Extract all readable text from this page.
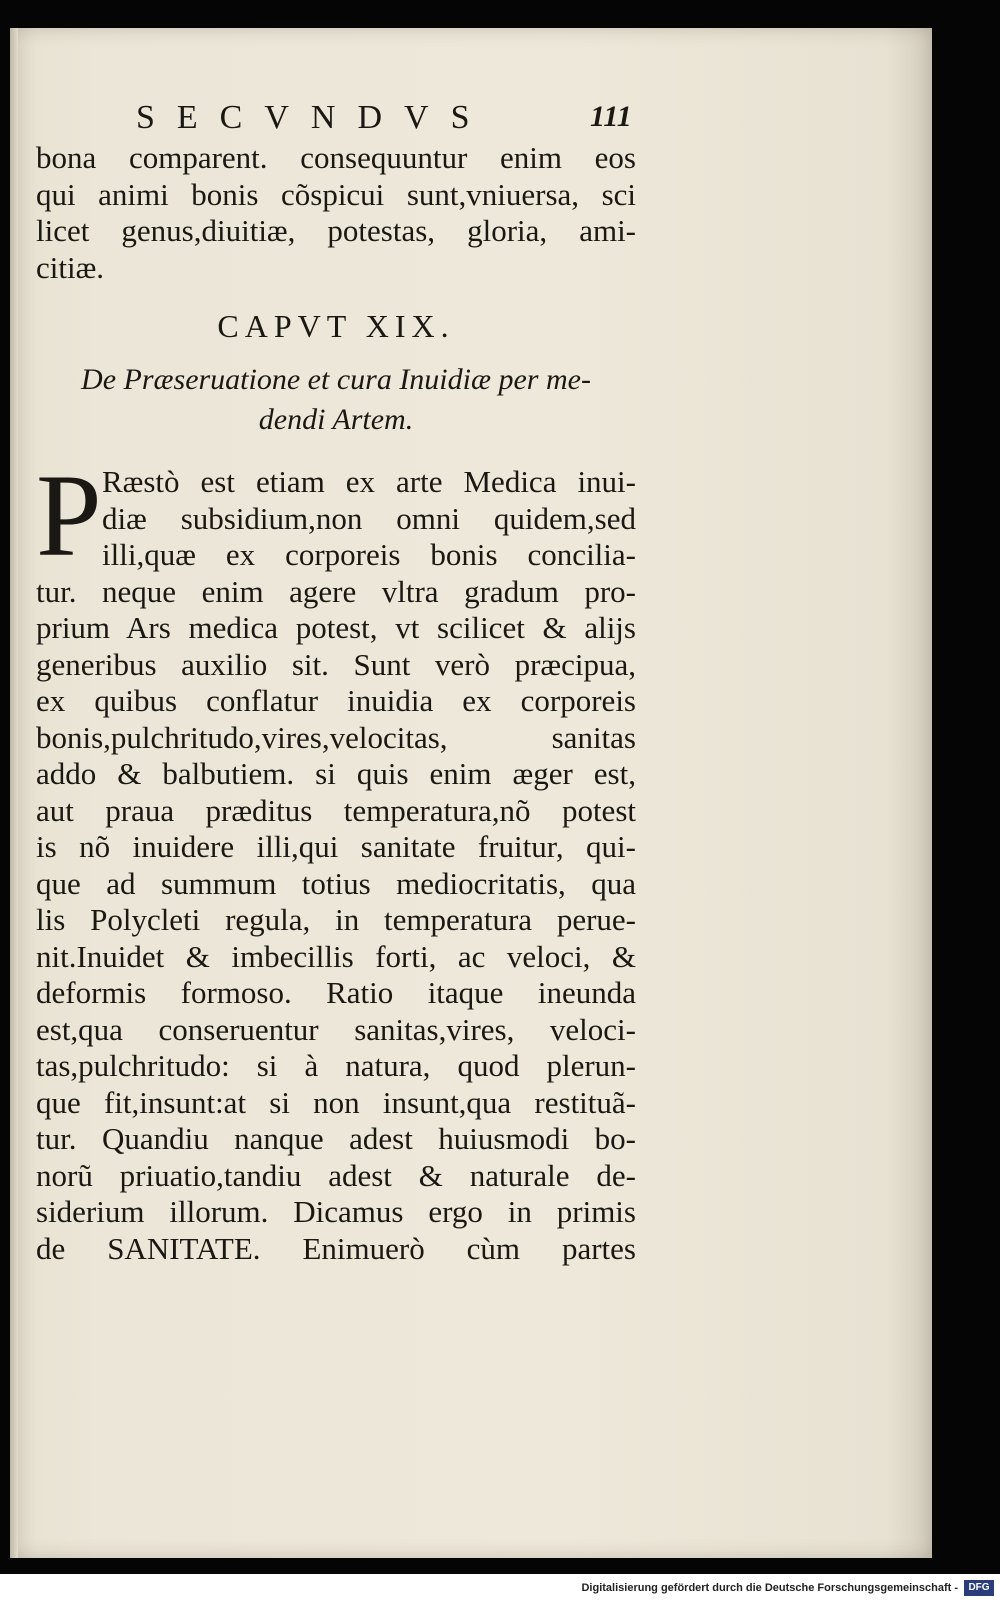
111
SECVNDVS
bona comparent. consequuntur enim eos
qui animi bonis cõspicui sunt,vniuersa, sci
licet genus,diuitiæ, potestas, gloria, ami-
citiæ.
CAPVT XIX.
De Præseruatione et cura Inuidiæ per me-
dendi Artem.
P Ræstò est etiam ex arte Medica inui-
diæ subsidium,non omni quidem,sed
illi,quæ ex corporeis bonis concilia-
tur. neque enim agere vltra gradum pro-
prium Ars medica potest, vt scilicet & alijs
generibus auxilio sit. Sunt verò præcipua,
ex quibus conflatur inuidia ex corporeis
bonis,pulchritudo,vires,velocitas, sanitas
addo & balbutiem. si quis enim æger est,
aut praua præditus temperatura,nõ potest
is nõ inuidere illi,qui sanitate fruitur, qui-
que ad summum totius mediocritatis, qua
lis Polycleti regula, in temperatura perue-
nit.Inuidet & imbecillis forti, ac veloci, &
deformis formoso. Ratio itaque ineunda
est,qua conseruentur sanitas,vires, veloci-
tas,pulchritudo: si à natura, quod plerun-
que fit,insunt:at si non insunt,qua restituã-
tur. Quandiu nanque adest huiusmodi bo-
norũ priuatio,tandiu adest & naturale de-
siderium illorum. Dicamus ergo in primis
de SANITATE. Enimuerò cùm partes
Digitalisierung gefördert durch die Deutsche Forschungsgemeinschaft -	DFG
